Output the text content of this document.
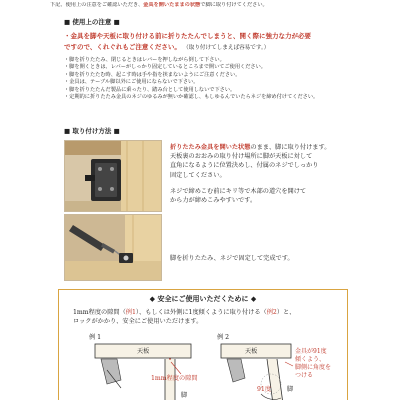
下記、使用上の注意をご確認いただき、金具を開いたままの状態で脚に取り付けてください。
■ 使用上の注意 ■
・金具を脚や天板に取り付ける前に折りたたんでしまうと、開く際に強力な力が必要
ですので、くれぐれもご注意ください。 （取り付けてしまえば容易です。）
・脚を折りたたみ、閉じるときはレバーを押しながら倒して下さい。
・脚を開くときは、レバーがしっかり固定しているところまで開いてご使用ください。
・脚を折りたたむ時、起こす時は手や指を挟まないようにご注意ください。
・金具は、テーブル脚以外にご使用にならないで下さい。
・脚を折りたたんだ製品に乗ったり、踏み台として使用しないで下さい。
・定期的に折りたたみ金具のネジのゆるみが無いか確認し、もしゆるんでいたらネジを締め付けてください。
■ 取り付け方法 ■
折りたたみ金具を開いた状態のまま、脚に取り付けます。
天板裏のおおみの取り付け場所に脚が天板に対して
直角になるように位置決めし、付属のネジでしっかり
固定してください。
ネジで締めこむ前にキリ等で木部の道穴を開けて
から力が締めこみやすいです。
脚を折りたたみ、ネジで固定して完成です。
◆ 安全にご使用いただくために ◆
1mm程度の隙間（例1）、もしくは外側に1度傾くように取り付ける（例2）と、
ロックがかかり、安全にご使用いただけます。
例 1
天板
1mm程度の隙間
脚
例 2
天板
91度	脚
金具が91度
傾くよう、
脚側に角度を
つける
